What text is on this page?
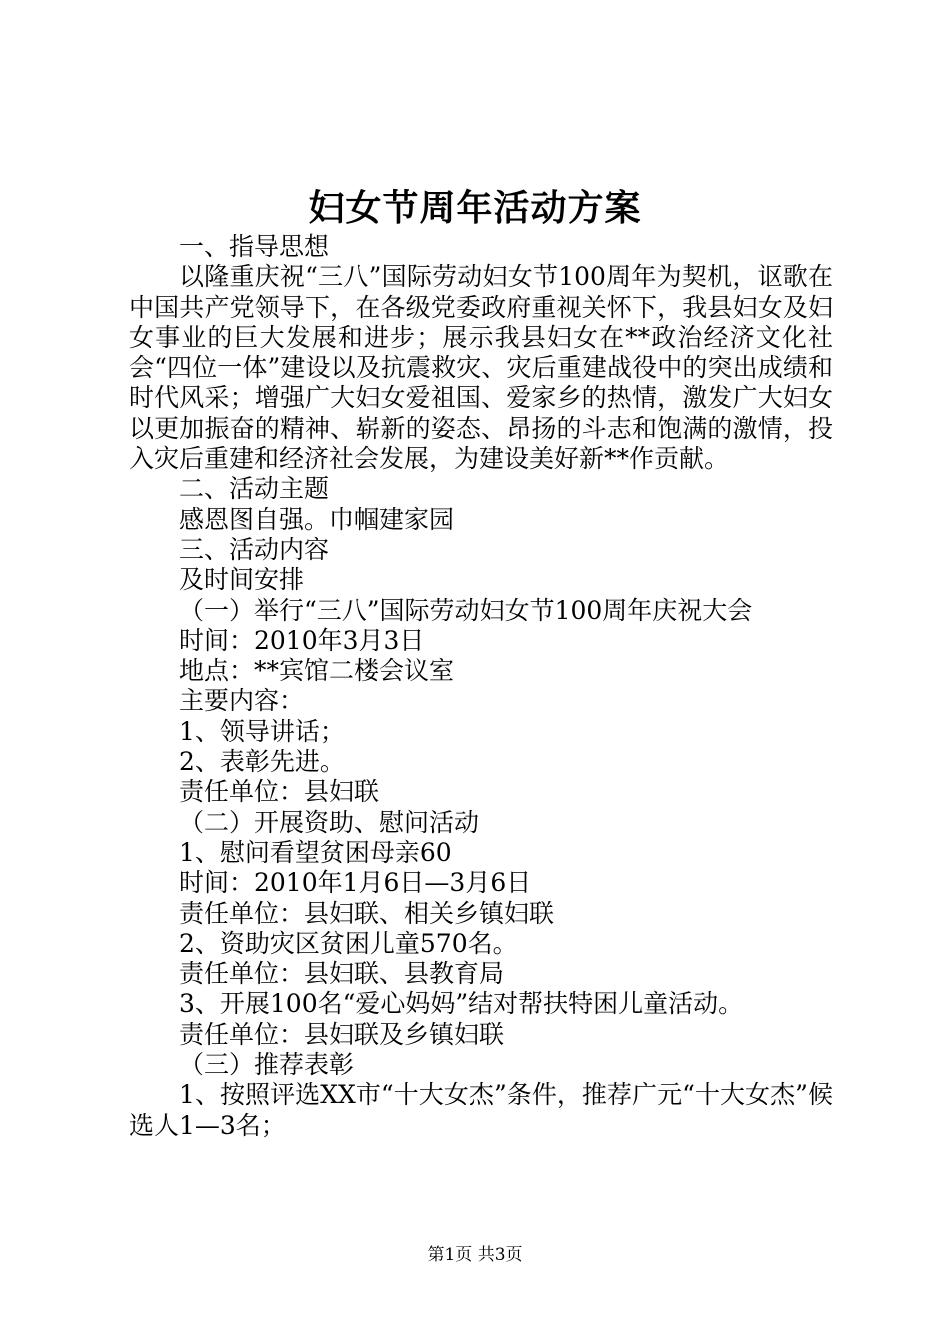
妇女节周年活动方案

一、指导思想

以隆重庆祝“三八”国际劳动妇女节100周年为契机，讴歌在中国共产党领导下，在各级党委政府重视关怀下，我县妇女及妇女事业的巨大发展和进步；展示我县妇女在**政治经济文化社会“四位一体”建设以及抗震救灾、灾后重建战役中的突出成绩和时代风采；增强广大妇女爱祖国、爱家乡的热情，激发广大妇女以更加振奋的精神、崭新的姿态、昂扬的斗志和饱满的激情，投入灾后重建和经济社会发展，为建设美好新**作贡献。

二、活动主题

感恩图自强。巾帼建家园

三、活动内容

及时间安排

（一）举行“三八”国际劳动妇女节100周年庆祝大会

时间：2010年3月3日

地点：**宾馆二楼会议室

主要内容：

1、领导讲话；

2、表彰先进。

责任单位：县妇联

（二）开展资助、慰问活动

1、慰问看望贫困母亲60

时间：2010年1月6日—3月6日

责任单位：县妇联、相关乡镇妇联

2、资助灾区贫困儿童570名。

责任单位：县妇联、县教育局

3、开展100名“爱心妈妈”结对帮扶特困儿童活动。

责任单位：县妇联及乡镇妇联

（三）推荐表彰

1、按照评选XX市“十大女杰”条件，推荐广元“十大女杰”候选人1—3名；

第1页 共3页
